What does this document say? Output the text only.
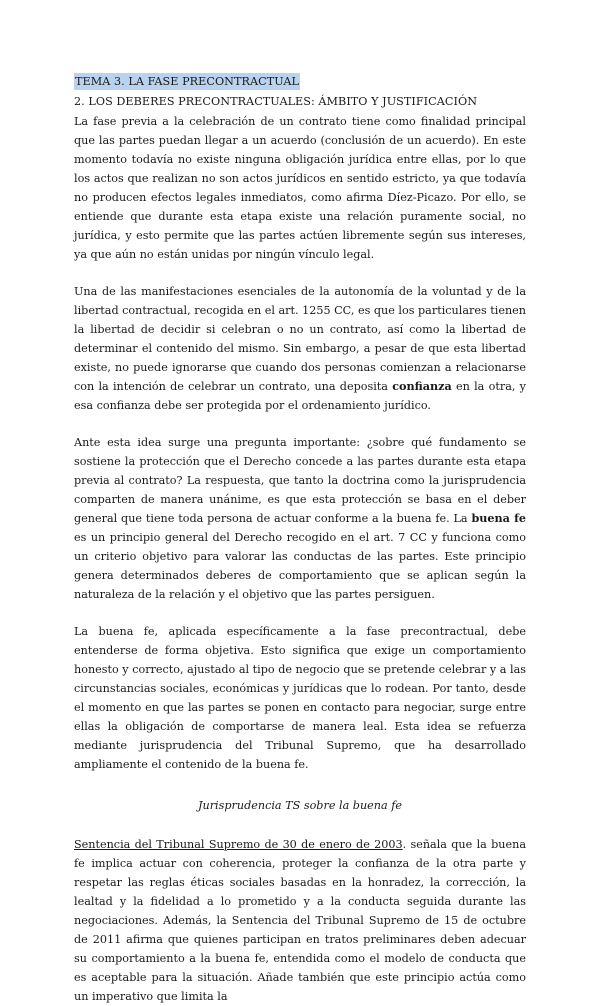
TEMA 3. LA FASE PRECONTRACTUAL
2. LOS DEBERES PRECONTRACTUALES: ÁMBITO Y JUSTIFICACIÓN

La fase previa a la celebración de un contrato tiene como finalidad principal que las partes puedan llegar a un acuerdo (conclusión de un acuerdo). En este momento todavía no existe ninguna obligación jurídica entre ellas, por lo que los actos que realizan no son actos jurídicos en sentido estricto, ya que todavía no producen efectos legales inmediatos, como afirma Díez-Picazo. Por ello, se entiende que durante esta etapa existe una relación puramente social, no jurídica, y esto permite que las partes actúen libremente según sus intereses, ya que aún no están unidas por ningún vínculo legal.

Una de las manifestaciones esenciales de la autonomía de la voluntad y de la libertad contractual, recogida en el art. 1255 CC, es que los particulares tienen la libertad de decidir si celebran o no un contrato, así como la libertad de determinar el contenido del mismo. Sin embargo, a pesar de que esta libertad existe, no puede ignorarse que cuando dos personas comienzan a relacionarse con la intención de celebrar un contrato, una deposita confianza en la otra, y esa confianza debe ser protegida por el ordenamiento jurídico.

Ante esta idea surge una pregunta importante: ¿sobre qué fundamento se sostiene la protección que el Derecho concede a las partes durante esta etapa previa al contrato? La respuesta, que tanto la doctrina como la jurisprudencia comparten de manera unánime, es que esta protección se basa en el deber general que tiene toda persona de actuar conforme a la buena fe. La buena fe es un principio general del Derecho recogido en el art. 7 CC y funciona como un criterio objetivo para valorar las conductas de las partes. Este principio genera determinados deberes de comportamiento que se aplican según la naturaleza de la relación y el objetivo que las partes persiguen.

La buena fe, aplicada específicamente a la fase precontractual, debe entenderse de forma objetiva. Esto significa que exige un comportamiento honesto y correcto, ajustado al tipo de negocio que se pretende celebrar y a las circunstancias sociales, económicas y jurídicas que lo rodean. Por tanto, desde el momento en que las partes se ponen en contacto para negociar, surge entre ellas la obligación de comportarse de manera leal. Esta idea se refuerza mediante jurisprudencia del Tribunal Supremo, que ha desarrollado ampliamente el contenido de la buena fe.

Jurisprudencia TS sobre la buena fe

Sentencia del Tribunal Supremo de 30 de enero de 2003. señala que la buena fe implica actuar con coherencia, proteger la confianza de la otra parte y respetar las reglas éticas sociales basadas en la honradez, la corrección, la lealtad y la fidelidad a lo prometido y a la conducta seguida durante las negociaciones. Además, la Sentencia del Tribunal Supremo de 15 de octubre de 2011 afirma que quienes participan en tratos preliminares deben adecuar su comportamiento a la buena fe, entendida como el modelo de conducta que es aceptable para la situación. Añade también que este principio actúa como un imperativo que limita la
